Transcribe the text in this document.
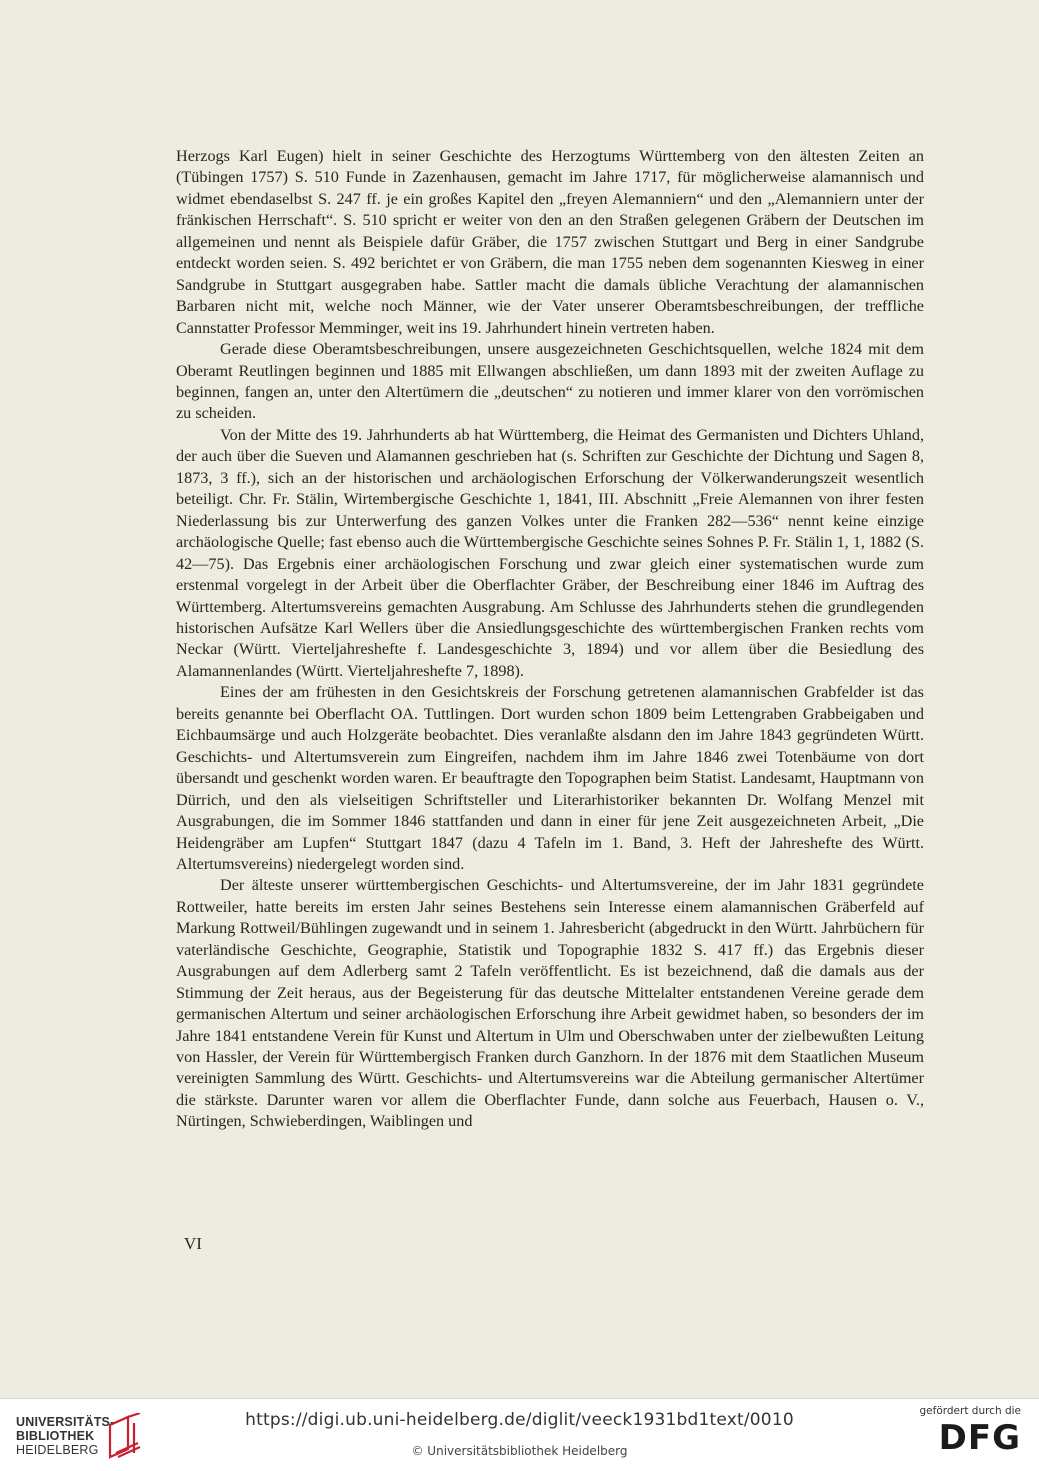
Herzogs Karl Eugen) hielt in seiner Geschichte des Herzogtums Württemberg von den ältesten Zeiten an (Tübingen 1757) S. 510 Funde in Zazenhausen, gemacht im Jahre 1717, für möglicherweise alamannisch und widmet ebendaselbst S. 247 ff. je ein großes Kapitel den „freyen Alemanniern“ und den „Alemanniern unter der fränkischen Herrschaft“. S. 510 spricht er weiter von den an den Straßen gelegenen Gräbern der Deutschen im allgemeinen und nennt als Beispiele dafür Gräber, die 1757 zwischen Stuttgart und Berg in einer Sandgrube entdeckt worden seien. S. 492 berichtet er von Gräbern, die man 1755 neben dem sogenannten Kiesweg in einer Sandgrube in Stuttgart ausgegraben habe. Sattler macht die damals übliche Verachtung der alamannischen Barbaren nicht mit, welche noch Männer, wie der Vater unserer Oberamtsbeschreibungen, der treffliche Cannstatter Professor Memminger, weit ins 19. Jahrhundert hinein vertreten haben.

Gerade diese Oberamtsbeschreibungen, unsere ausgezeichneten Geschichtsquellen, welche 1824 mit dem Oberamt Reutlingen beginnen und 1885 mit Ellwangen abschließen, um dann 1893 mit der zweiten Auflage zu beginnen, fangen an, unter den Altertümern die „deutschen“ zu notieren und immer klarer von den vorrömischen zu scheiden.

Von der Mitte des 19. Jahrhunderts ab hat Württemberg, die Heimat des Germanisten und Dichters Uhland, der auch über die Sueven und Alamannen geschrieben hat (s. Schriften zur Geschichte der Dichtung und Sagen 8, 1873, 3 ff.), sich an der historischen und archäologischen Erforschung der Völkerwanderungszeit wesentlich beteiligt. Chr. Fr. Stälin, Wirtembergische Geschichte 1, 1841, III. Abschnitt „Freie Alemannen von ihrer festen Niederlassung bis zur Unterwerfung des ganzen Volkes unter die Franken 282—536“ nennt keine einzige archäologische Quelle; fast ebenso auch die Württembergische Geschichte seines Sohnes P. Fr. Stälin 1, 1, 1882 (S. 42—75). Das Ergebnis einer archäologischen Forschung und zwar gleich einer systematischen wurde zum erstenmal vorgelegt in der Arbeit über die Oberflachter Gräber, der Beschreibung einer 1846 im Auftrag des Württemberg. Altertumsvereins gemachten Ausgrabung. Am Schlusse des Jahrhunderts stehen die grundlegenden historischen Aufsätze Karl Wellers über die Ansiedlungsgeschichte des württembergischen Franken rechts vom Neckar (Württ. Vierteljahreshefte f. Landesgeschichte 3, 1894) und vor allem über die Besiedlung des Alamannenlandes (Württ. Vierteljahreshefte 7, 1898).

Eines der am frühesten in den Gesichtskreis der Forschung getretenen alamannischen Grabfelder ist das bereits genannte bei Oberflacht OA. Tuttlingen. Dort wurden schon 1809 beim Lettengraben Grabbeigaben und Eichbaumsärge und auch Holzgeräte beobachtet. Dies veranlaßte alsdann den im Jahre 1843 gegründeten Württ. Geschichts- und Altertumsverein zum Eingreifen, nachdem ihm im Jahre 1846 zwei Totenbäume von dort übersandt und geschenkt worden waren. Er beauftragte den Topographen beim Statist. Landesamt, Hauptmann von Dürrich, und den als vielseitigen Schriftsteller und Literarhistoriker bekannten Dr. Wolfang Menzel mit Ausgrabungen, die im Sommer 1846 stattfanden und dann in einer für jene Zeit ausgezeichneten Arbeit, „Die Heidengräber am Lupfen“ Stuttgart 1847 (dazu 4 Tafeln im 1. Band, 3. Heft der Jahreshefte des Württ. Altertumsvereins) niedergelegt worden sind.

Der älteste unserer württembergischen Geschichts- und Altertumsvereine, der im Jahr 1831 gegründete Rottweiler, hatte bereits im ersten Jahr seines Bestehens sein Interesse einem alamannischen Gräberfeld auf Markung Rottweil/Bühlingen zugewandt und in seinem 1. Jahresbericht (abgedruckt in den Württ. Jahrbüchern für vaterländische Geschichte, Geographie, Statistik und Topographie 1832 S. 417 ff.) das Ergebnis dieser Ausgrabungen auf dem Adlerberg samt 2 Tafeln veröffentlicht. Es ist bezeichnend, daß die damals aus der Stimmung der Zeit heraus, aus der Begeisterung für das deutsche Mittelalter entstandenen Vereine gerade dem germanischen Altertum und seiner archäologischen Erforschung ihre Arbeit gewidmet haben, so besonders der im Jahre 1841 entstandene Verein für Kunst und Altertum in Ulm und Oberschwaben unter der zielbewußten Leitung von Hassler, der Verein für Württembergisch Franken durch Ganzhorn. In der 1876 mit dem Staatlichen Museum vereinigten Sammlung des Württ. Geschichts- und Altertumsvereins war die Abteilung germanischer Altertümer die stärkste. Darunter waren vor allem die Oberflachter Funde, dann solche aus Feuerbach, Hausen o. V., Nürtingen, Schwieberdingen, Waiblingen und

VI
UNIVERSITÄTS-
BIBLIOTHEK
HEIDELBERG
https://digi.ub.uni-heidelberg.de/diglit/veeck1931bd1text/0010
© Universitätsbibliothek Heidelberg
gefördert durch die
DFG
